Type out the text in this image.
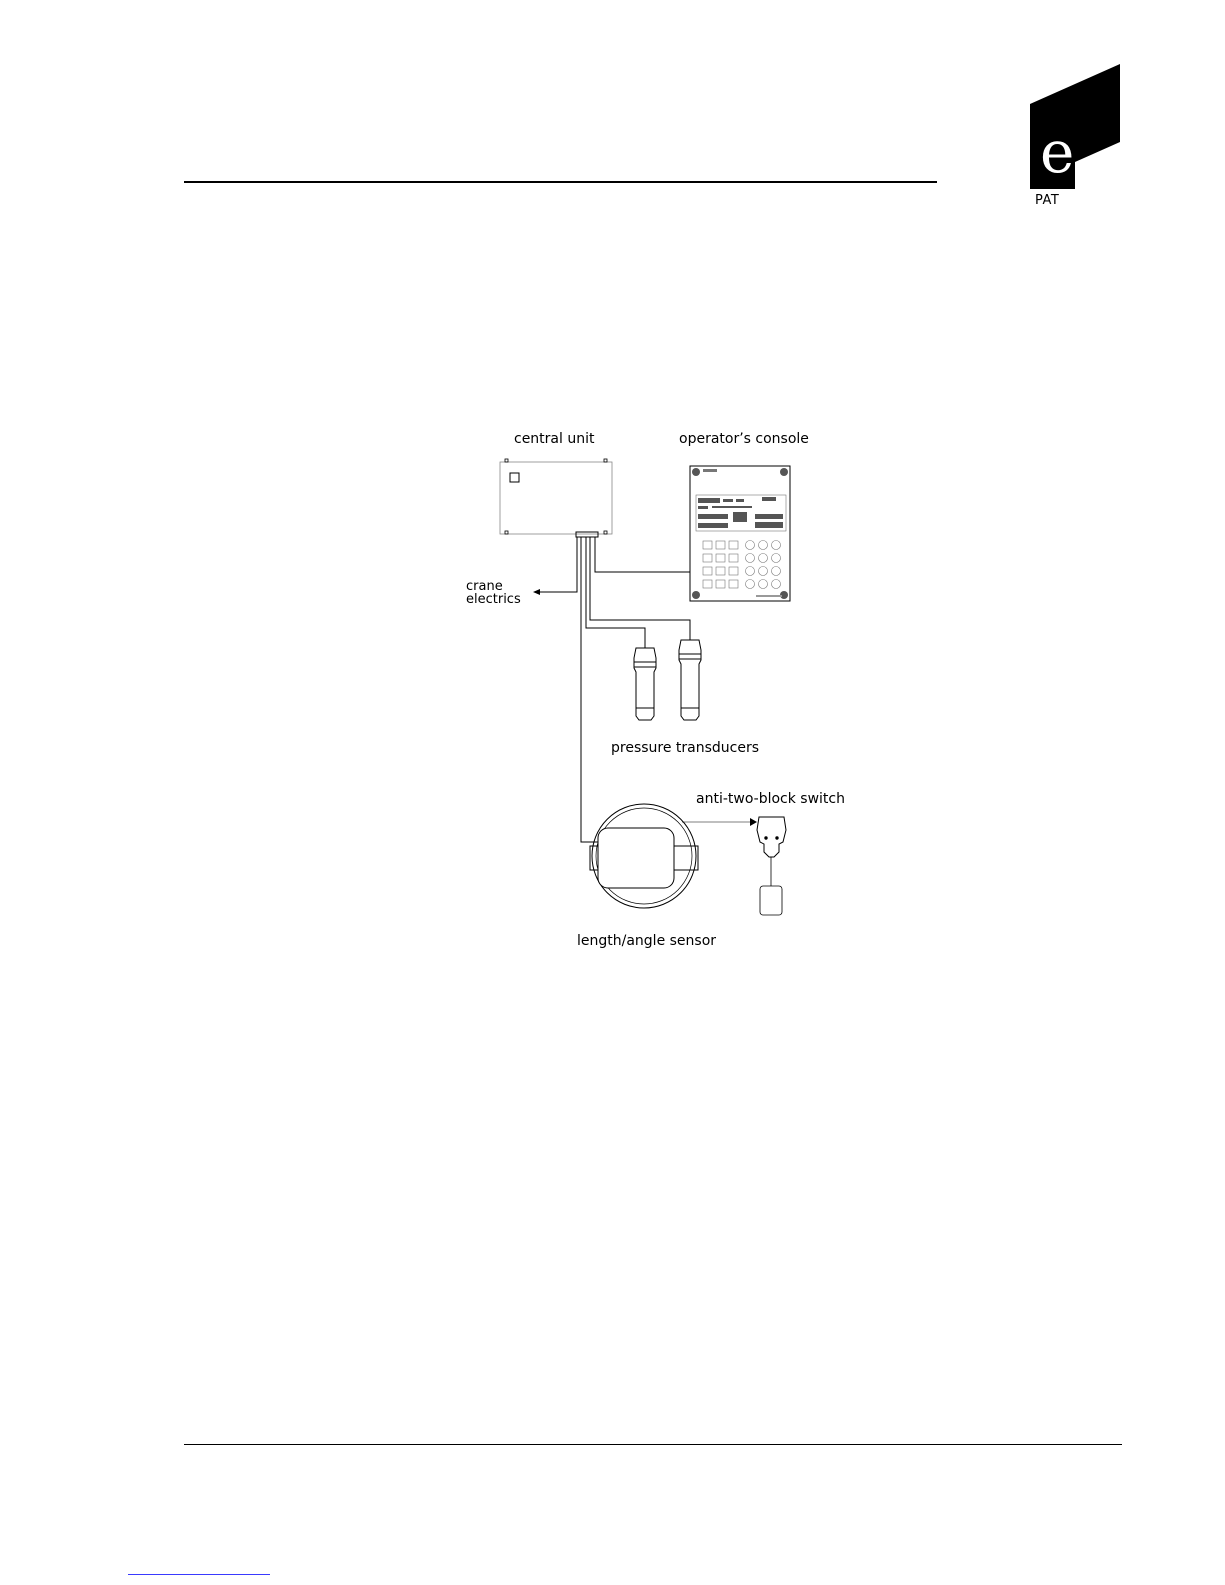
e
PAT
central unit	operator’s console
crane
electrics
pressure transducers
anti-two-block switch
length/angle sensor
